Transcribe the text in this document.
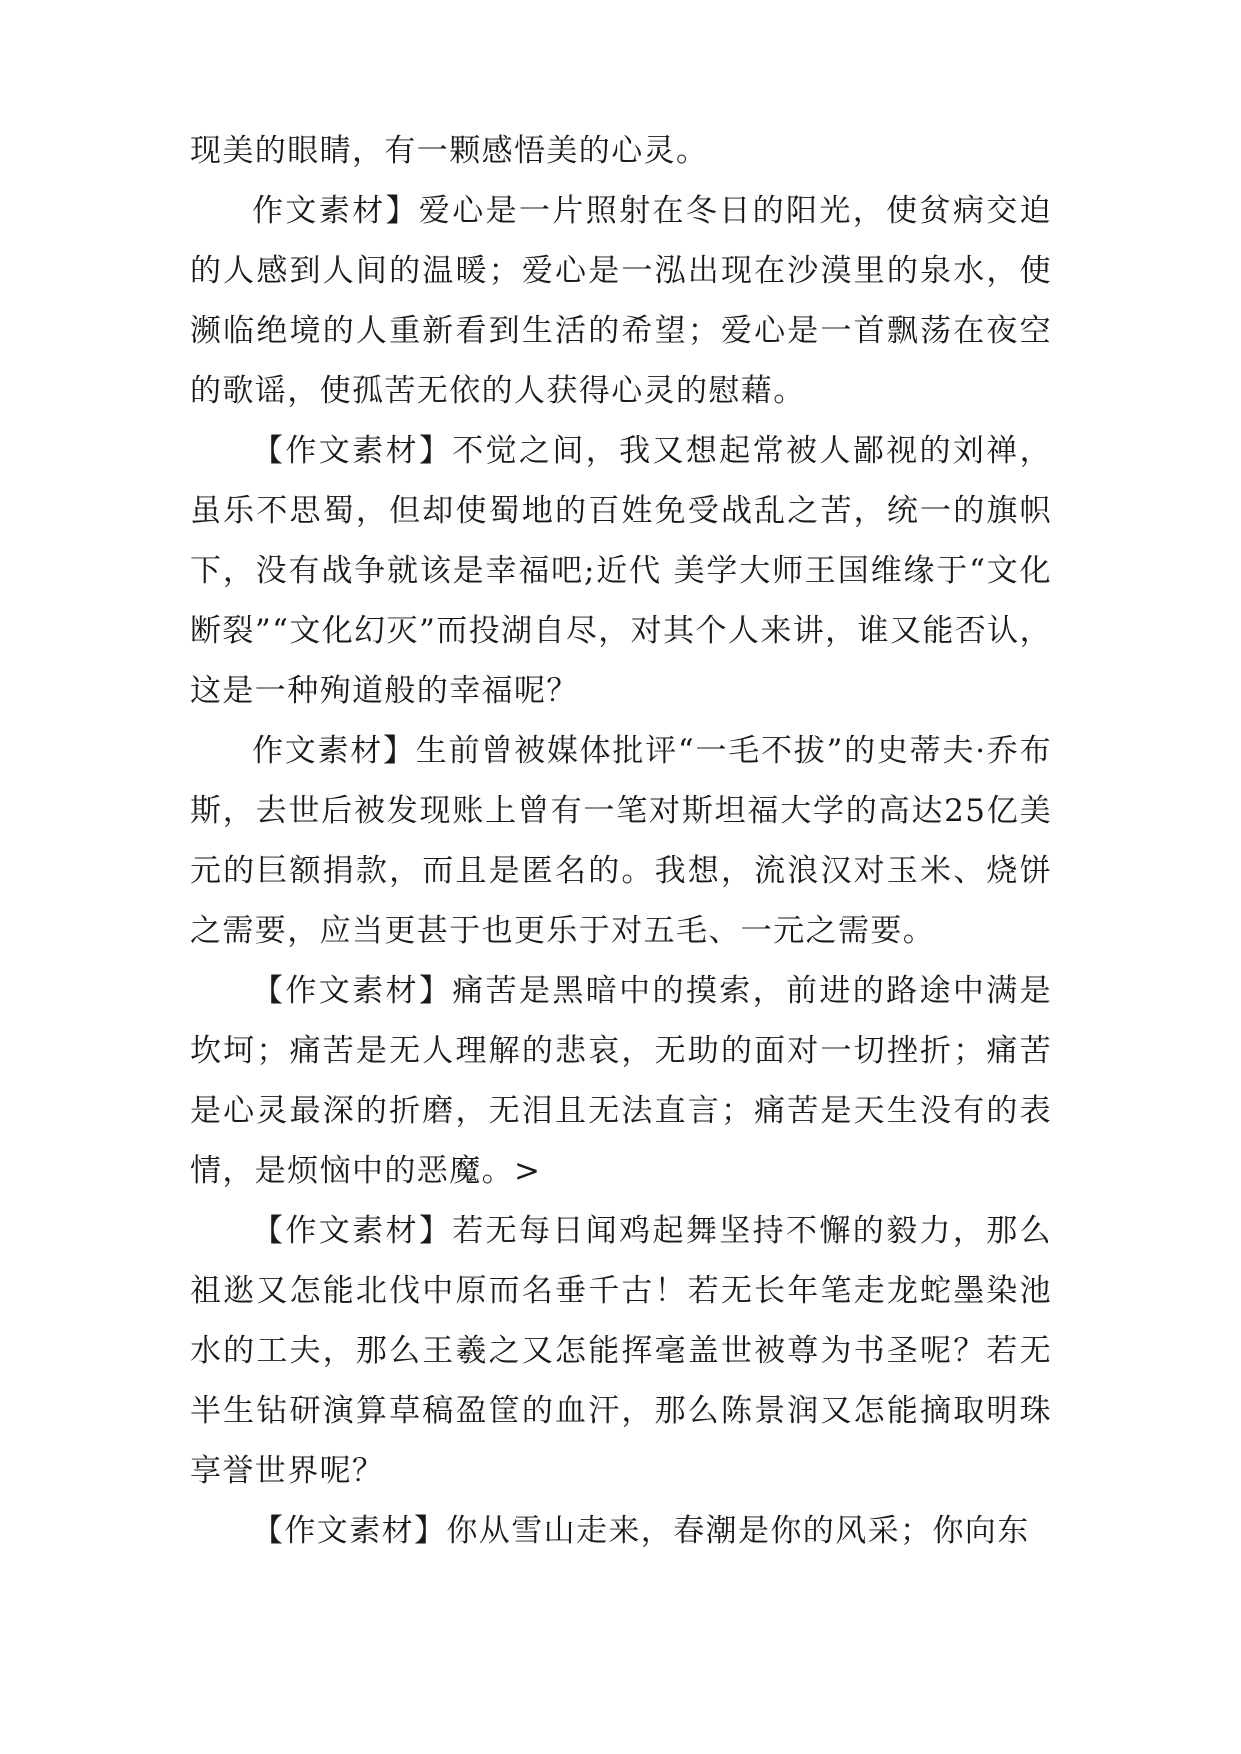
现美的眼睛，有一颗感悟美的心灵。

作文素材】爱心是一片照射在冬日的阳光，使贫病交迫的人感到人间的温暖；爱心是一泓出现在沙漠里的泉水，使濒临绝境的人重新看到生活的希望；爱心是一首飘荡在夜空的歌谣，使孤苦无依的人获得心灵的慰藉。

【作文素材】不觉之间，我又想起常被人鄙视的刘禅，虽乐不思蜀，但却使蜀地的百姓免受战乱之苦，统一的旗帜下，没有战争就该是幸福吧;近代 美学大师王国维缘于“文化断裂”“文化幻灭”而投湖自尽，对其个人来讲，谁又能否认，这是一种殉道般的幸福呢？

作文素材】生前曾被媒体批评“一毛不拔”的史蒂夫·乔布斯，去世后被发现账上曾有一笔对斯坦福大学的高达25亿美元的巨额捐款，而且是匿名的。我想，流浪汉对玉米、烧饼之需要，应当更甚于也更乐于对五毛、一元之需要。

【作文素材】痛苦是黑暗中的摸索，前进的路途中满是坎坷；痛苦是无人理解的悲哀，无助的面对一切挫折；痛苦是心灵最深的折磨，无泪且无法直言；痛苦是天生没有的表情，是烦恼中的恶魔。>

【作文素材】若无每日闻鸡起舞坚持不懈的毅力，那么祖逖又怎能北伐中原而名垂千古！若无长年笔走龙蛇墨染池水的工夫，那么王羲之又怎能挥毫盖世被尊为书圣呢？若无半生钻研演算草稿盈筐的血汗，那么陈景润又怎能摘取明珠享誉世界呢？

【作文素材】你从雪山走来，春潮是你的风采；你向东
